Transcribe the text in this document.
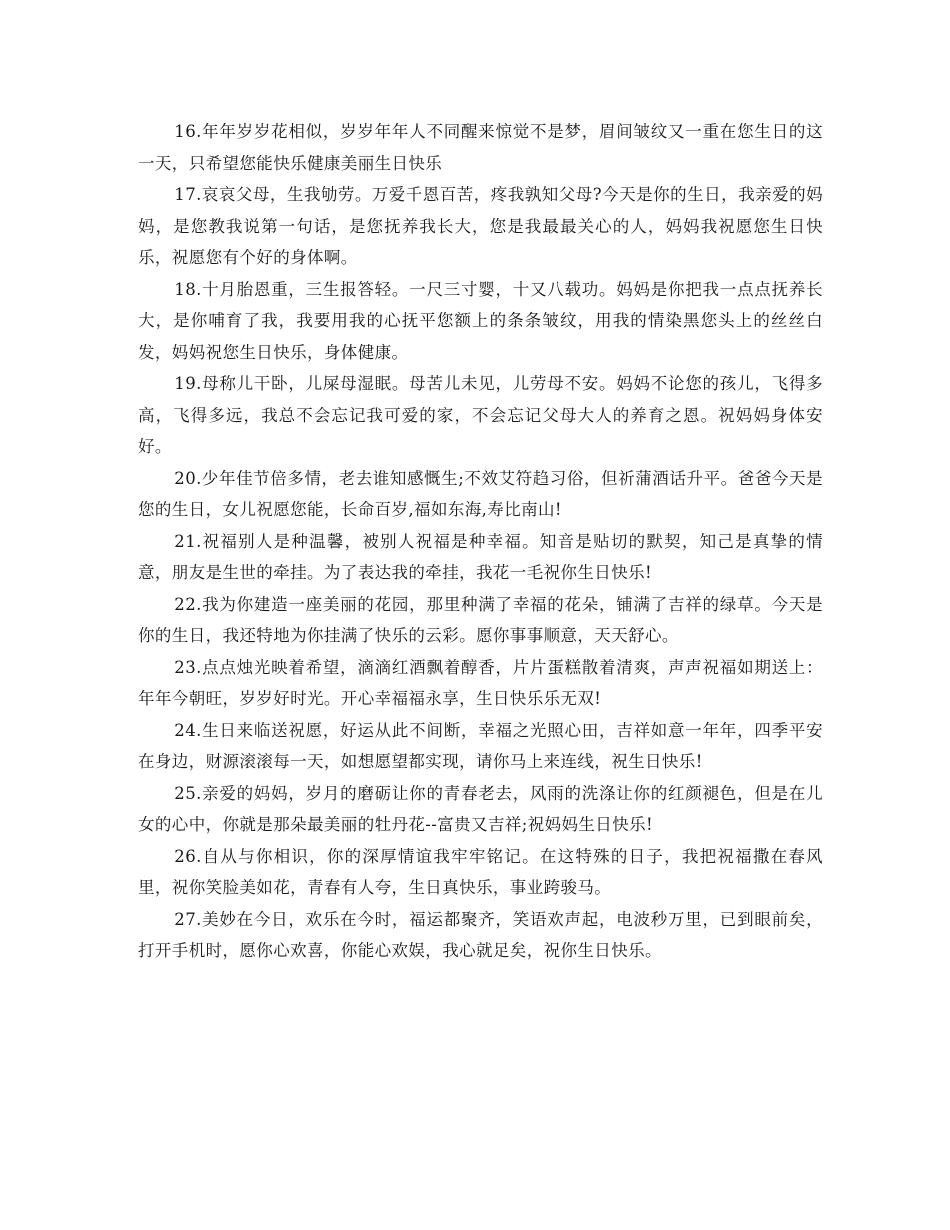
16.年年岁岁花相似，岁岁年年人不同醒来惊觉不是梦，眉间皱纹又一重在您生日的这一天，只希望您能快乐健康美丽生日快乐

17.哀哀父母，生我劬劳。万爱千恩百苦，疼我孰知父母?今天是你的生日，我亲爱的妈妈，是您教我说第一句话，是您抚养我长大，您是我最最关心的人，妈妈我祝愿您生日快乐，祝愿您有个好的身体啊。

18.十月胎恩重，三生报答轻。一尺三寸婴，十又八载功。妈妈是你把我一点点抚养长大，是你哺育了我，我要用我的心抚平您额上的条条皱纹，用我的情染黑您头上的丝丝白发，妈妈祝您生日快乐，身体健康。

19.母称儿干卧，儿屎母湿眠。母苦儿未见，儿劳母不安。妈妈不论您的孩儿，飞得多高，飞得多远，我总不会忘记我可爱的家，不会忘记父母大人的养育之恩。祝妈妈身体安好。

20.少年佳节倍多情，老去谁知感慨生;不效艾符趋习俗，但祈蒲酒话升平。爸爸今天是您的生日，女儿祝愿您能，长命百岁,福如东海,寿比南山!

21.祝福别人是种温馨，被别人祝福是种幸福。知音是贴切的默契，知己是真挚的情意，朋友是生世的牵挂。为了表达我的牵挂，我花一毛祝你生日快乐!

22.我为你建造一座美丽的花园，那里种满了幸福的花朵，铺满了吉祥的绿草。今天是你的生日，我还特地为你挂满了快乐的云彩。愿你事事顺意，天天舒心。

23.点点烛光映着希望，滴滴红酒飘着醇香，片片蛋糕散着清爽，声声祝福如期送上：年年今朝旺，岁岁好时光。开心幸福福永享，生日快乐乐无双!

24.生日来临送祝愿，好运从此不间断，幸福之光照心田，吉祥如意一年年，四季平安在身边，财源滚滚每一天，如想愿望都实现，请你马上来连线，祝生日快乐!

25.亲爱的妈妈，岁月的磨砺让你的青春老去，风雨的洗涤让你的红颜褪色，但是在儿女的心中，你就是那朵最美丽的牡丹花--富贵又吉祥;祝妈妈生日快乐!

26.自从与你相识，你的深厚情谊我牢牢铭记。在这特殊的日子，我把祝福撒在春风里，祝你笑脸美如花，青春有人夸，生日真快乐，事业跨骏马。

27.美妙在今日，欢乐在今时，福运都聚齐，笑语欢声起，电波秒万里，已到眼前矣，打开手机时，愿你心欢喜，你能心欢娱，我心就足矣，祝你生日快乐。
